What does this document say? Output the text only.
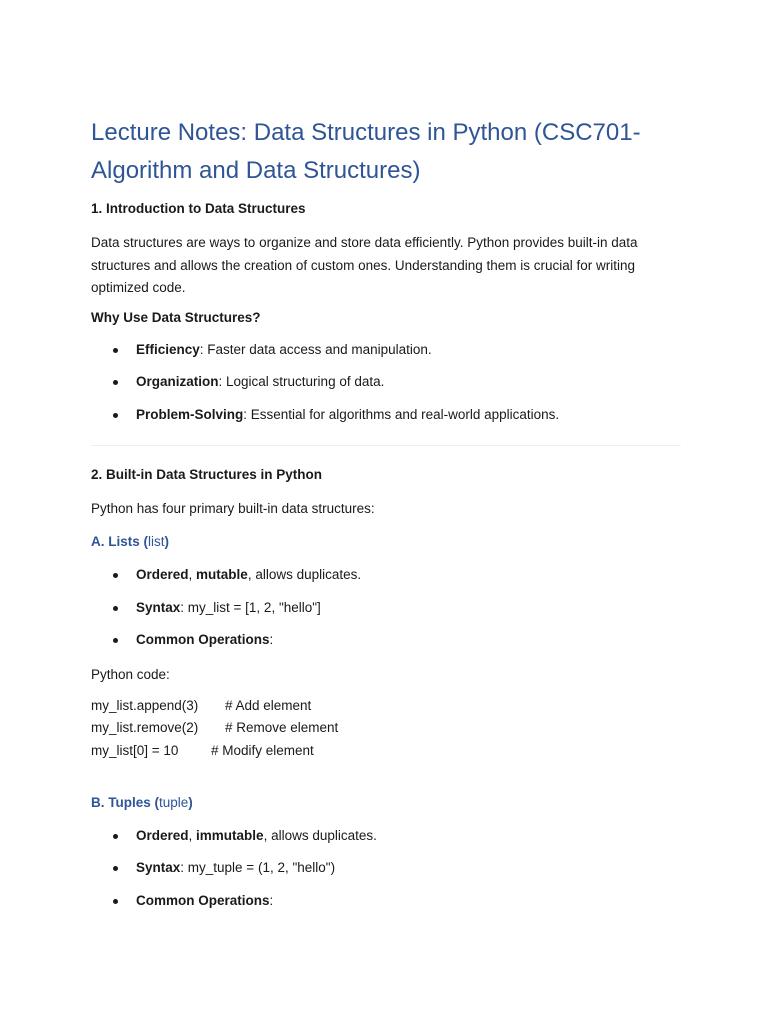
Lecture Notes: Data Structures in Python (CSC701-Algorithm and Data Structures)
1. Introduction to Data Structures

Data structures are ways to organize and store data efficiently. Python provides built-in data structures and allows the creation of custom ones. Understanding them is crucial for writing optimized code.

Why Use Data Structures?
Efficiency: Faster data access and manipulation.
Organization: Logical structuring of data.
Problem-Solving: Essential for algorithms and real-world applications.
2. Built-in Data Structures in Python

Python has four primary built-in data structures:

A. Lists (list)
Ordered, mutable, allows duplicates.
Syntax: my_list = [1, 2, "hello"]
Common Operations:

Python code:

my_list.append(3)

# Add element

my_list.remove(2)

# Remove element

my_list[0] = 10

# Modify element

B. Tuples (tuple)
Ordered, immutable, allows duplicates.
Syntax: my_tuple = (1, 2, "hello")
Common Operations:
